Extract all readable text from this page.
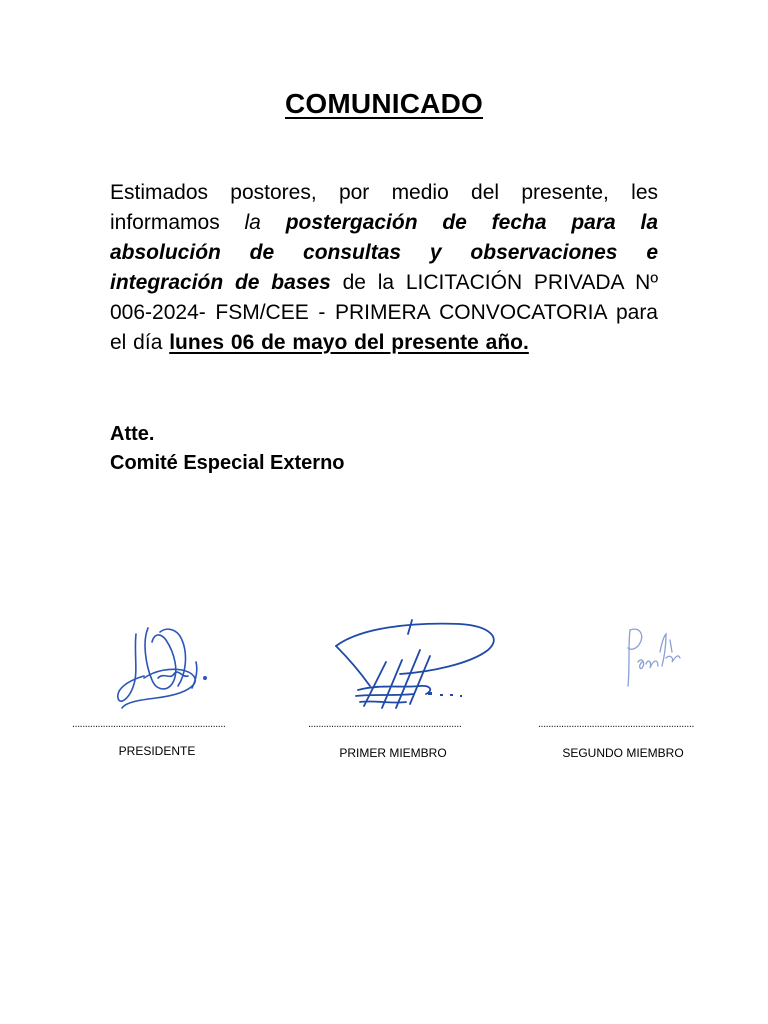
COMUNICADO
Estimados postores, por medio del presente, les informamos la postergación de fecha para la absolución de consultas y observaciones e integración de bases de la LICITACIÓN PRIVADA Nº 006-2024- FSM/CEE - PRIMERA CONVOCATORIA para el día lunes 06 de mayo del presente año.
Atte.
Comité Especial Externo
............................................................	............................................................	.............................................................
PRESIDENTE	PRIMER MIEMBRO	SEGUNDO MIEMBRO
